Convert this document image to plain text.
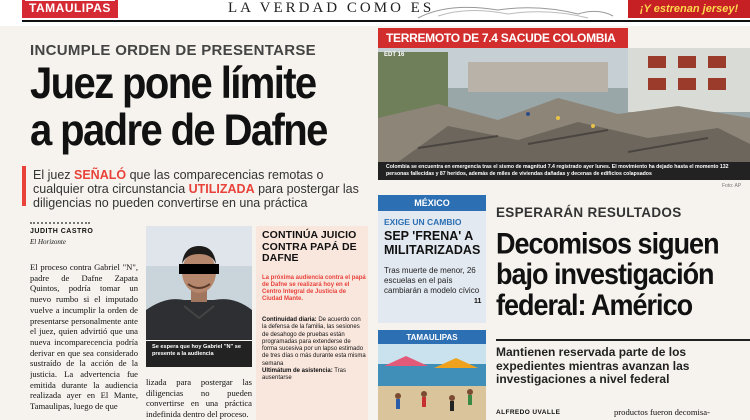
TAMAULIPAS	LA VERDAD COMO ES	¡Y estrenan jersey!
INCUMPLE ORDEN DE PRESENTARSE
Juez pone límite
a padre de Dafne
El juez SEÑALÓ que las comparecencias remotas o cualquier otra circunstancia UTILIZADA para postergar las diligencias no pueden convertirse en una práctica
JUDITH CASTRO
El Horizonte
El proceso contra Gabriel "N", padre de Dafne Zapata Quintos, podría tomar un nuevo rumbo si el imputado vuelve a incumplir la orden de presentarse personalmente ante el juez, quien advirtió que una nueva incomparecencia podría derivar en que sea considerado sustraído de la acción de la justicia. La advertencia fue emitida durante la audiencia realizada ayer en El Mante, Tamaulipas, luego de que
Se espera que hoy Gabriel "N" se presente a la audiencia
lizada para postergar las diligencias no pueden convertirse en una práctica indefinida dentro del proceso.
CONTINÚA JUICIO CONTRA PAPÁ DE DAFNE
La próxima audiencia contra el papá de Dafne se realizará hoy en el Centro Integral de Justicia de Ciudad Mante.
Continuidad diaria: De acuerdo con la defensa de la familia, las sesiones de desahogo de pruebas están programadas para extenderse de forma sucesiva por un lapso estimado de tres días o más durante esta misma semana
Ultimátum de asistencia: Tras ausentarse
TERREMOTO DE 7.4 SACUDE COLOMBIA
EDT 16
Colombia se encuentra en emergencia tras el sismo de magnitud 7.4 registrado ayer lunes. El movimiento ha dejado hasta el momento 132 personas fallecidas y 87 heridos, además de miles de viviendas dañadas y decenas de edificios colapsados
Foto: AP
MÉXICO
EXIGE UN CAMBIO
SEP 'FRENA' A MILITARIZADAS
Tras muerte de menor, 26 escuelas en el país cambiarán a modelo cívico
11
TAMAULIPAS
ESPERARÁN RESULTADOS
Decomisos siguen bajo investigación federal: Américo
Mantienen reservada parte de los expedientes mientras avanzan las investigaciones a nivel federal
ALFREDO UVALLE	productos fueron decomisa-
